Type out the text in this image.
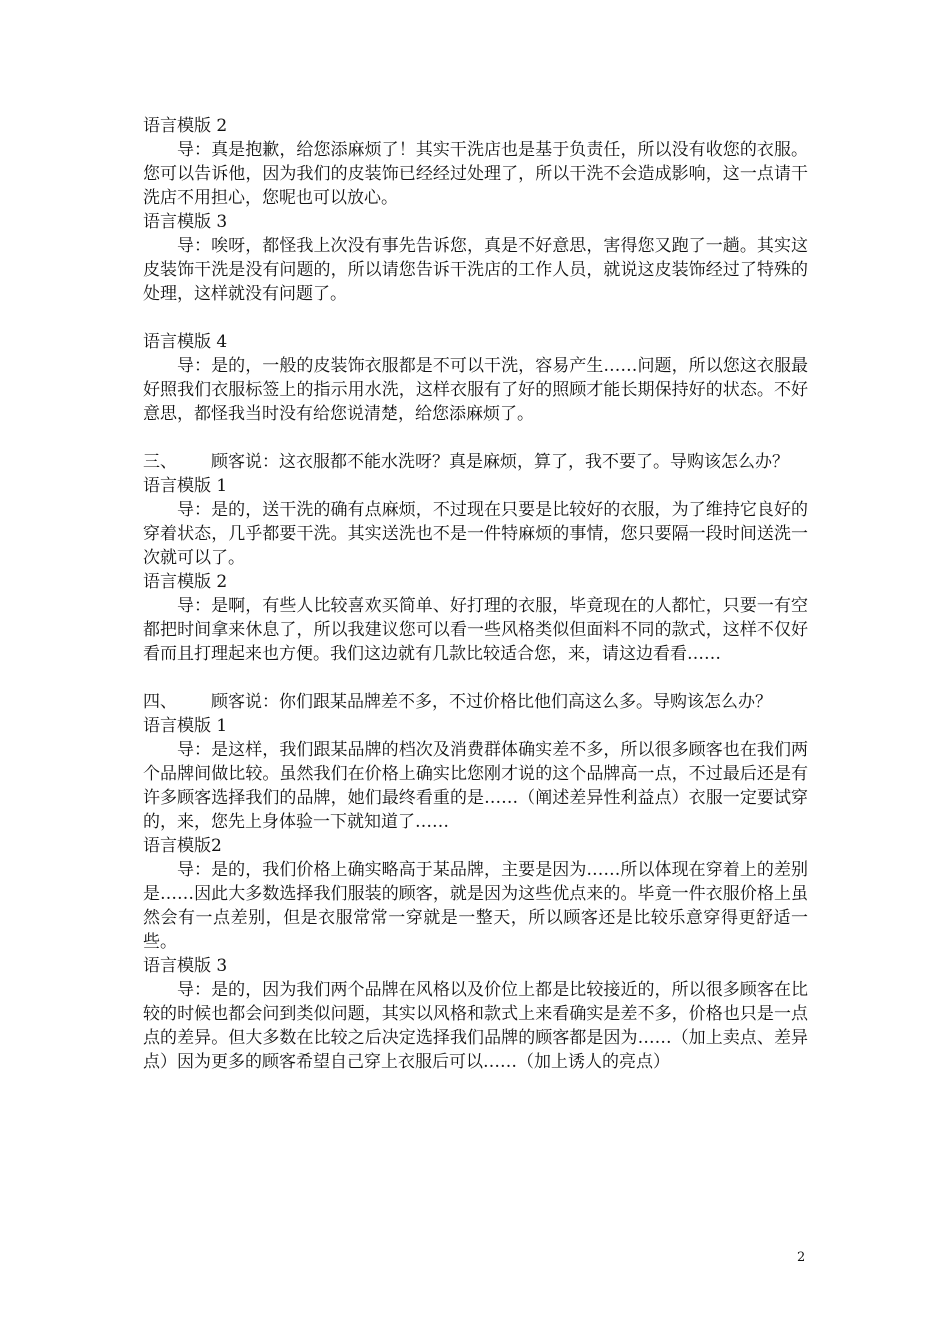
语言模版 2

导：真是抱歉，给您添麻烦了！其实干洗店也是基于负责任，所以没有收您的衣服。您可以告诉他，因为我们的皮装饰已经经过处理了，所以干洗不会造成影响，这一点请干洗店不用担心，您呢也可以放心。

语言模版 3

导：唉呀，都怪我上次没有事先告诉您，真是不好意思，害得您又跑了一趟。其实这皮装饰干洗是没有问题的，所以请您告诉干洗店的工作人员，就说这皮装饰经过了特殊的处理，这样就没有问题了。

语言模版 4

导：是的，一般的皮装饰衣服都是不可以干洗，容易产生……问题，所以您这衣服最好照我们衣服标签上的指示用水洗，这样衣服有了好的照顾才能长期保持好的状态。不好意思，都怪我当时没有给您说清楚，给您添麻烦了。

三、 顾客说：这衣服都不能水洗呀？真是麻烦，算了，我不要了。导购该怎么办？

语言模版 1

导：是的，送干洗的确有点麻烦，不过现在只要是比较好的衣服，为了维持它良好的穿着状态，几乎都要干洗。其实送洗也不是一件特麻烦的事情，您只要隔一段时间送洗一次就可以了。

语言模版 2

导：是啊，有些人比较喜欢买简单、好打理的衣服，毕竟现在的人都忙，只要一有空都把时间拿来休息了，所以我建议您可以看一些风格类似但面料不同的款式，这样不仅好看而且打理起来也方便。我们这边就有几款比较适合您，来，请这边看看……

四、 顾客说：你们跟某品牌差不多，不过价格比他们高这么多。导购该怎么办？

语言模版 1

导：是这样，我们跟某品牌的档次及消费群体确实差不多，所以很多顾客也在我们两个品牌间做比较。虽然我们在价格上确实比您刚才说的这个品牌高一点，不过最后还是有许多顾客选择我们的品牌，她们最终看重的是……（阐述差异性利益点）衣服一定要试穿的，来，您先上身体验一下就知道了……

语言模版2

导：是的，我们价格上确实略高于某品牌，主要是因为……所以体现在穿着上的差别是……因此大多数选择我们服装的顾客，就是因为这些优点来的。毕竟一件衣服价格上虽然会有一点差别，但是衣服常常一穿就是一整天，所以顾客还是比较乐意穿得更舒适一些。

语言模版 3

导：是的，因为我们两个品牌在风格以及价位上都是比较接近的，所以很多顾客在比较的时候也都会问到类似问题，其实以风格和款式上来看确实是差不多，价格也只是一点点的差异。但大多数在比较之后决定选择我们品牌的顾客都是因为……（加上卖点、差异点）因为更多的顾客希望自己穿上衣服后可以……（加上诱人的亮点）

2
